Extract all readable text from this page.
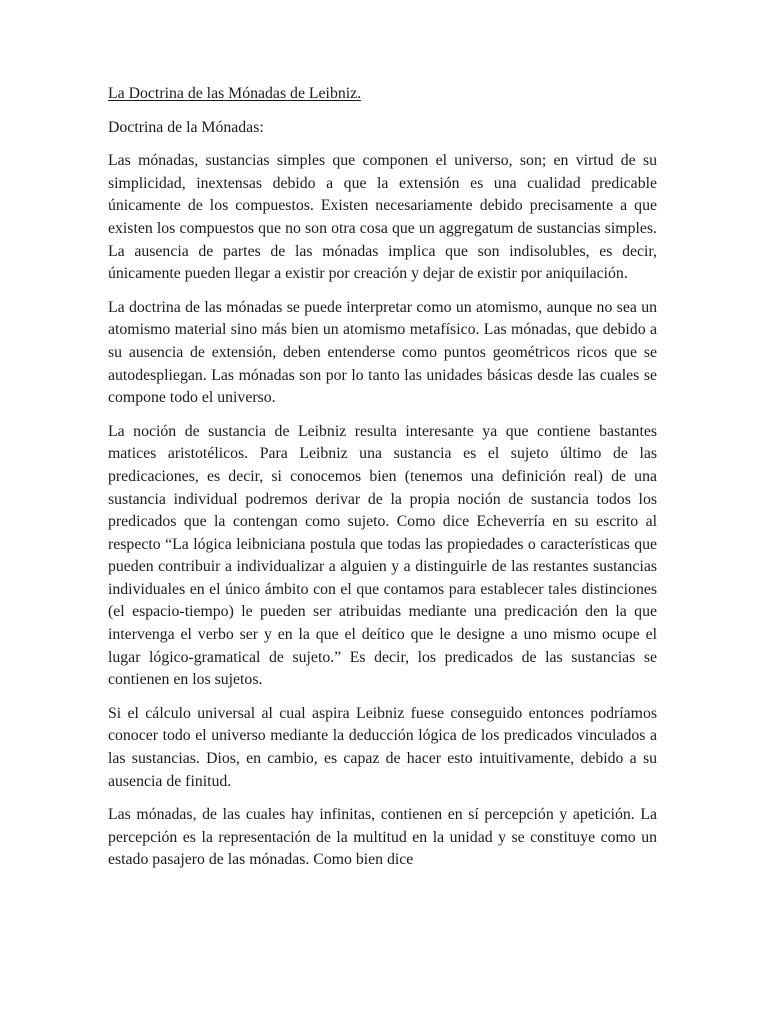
La Doctrina de las Mónadas de Leibniz.
Doctrina de la Mónadas:

Las mónadas, sustancias simples que componen el universo, son; en virtud de su simplicidad, inextensas debido a que la extensión es una cualidad predicable únicamente de los compuestos. Existen necesariamente debido precisamente a que existen los compuestos que no son otra cosa que un aggregatum de sustancias simples. La ausencia de partes de las mónadas implica que son indisolubles, es decir, únicamente pueden llegar a existir por creación y dejar de existir por aniquilación.

La doctrina de las mónadas se puede interpretar como un atomismo, aunque no sea un atomismo material sino más bien un atomismo metafísico. Las mónadas, que debido a su ausencia de extensión, deben entenderse como puntos geométricos ricos que se autodespliegan. Las mónadas son por lo tanto las unidades básicas desde las cuales se compone todo el universo.

La noción de sustancia de Leibniz resulta interesante ya que contiene bastantes matices aristotélicos. Para Leibniz una sustancia es el sujeto último de las predicaciones, es decir, si conocemos bien (tenemos una definición real) de una sustancia individual podremos derivar de la propia noción de sustancia todos los predicados que la contengan como sujeto. Como dice Echeverría en su escrito al respecto “La lógica leibniciana postula que todas las propiedades o características que pueden contribuir a individualizar a alguien y a distinguirle de las restantes sustancias individuales en el único ámbito con el que contamos para establecer tales distinciones (el espacio-tiempo) le pueden ser atribuidas mediante una predicación den la que intervenga el verbo ser y en la que el deítico que le designe a uno mismo ocupe el lugar lógico-gramatical de sujeto.” Es decir, los predicados de las sustancias se contienen en los sujetos.

Si el cálculo universal al cual aspira Leibniz fuese conseguido entonces podríamos conocer todo el universo mediante la deducción lógica de los predicados vinculados a las sustancias. Dios, en cambio, es capaz de hacer esto intuitivamente, debido a su ausencia de finitud.

Las mónadas, de las cuales hay infinitas, contienen en sí percepción y apetición. La percepción es la representación de la multitud en la unidad y se constituye como un estado pasajero de las mónadas. Como bien dice
